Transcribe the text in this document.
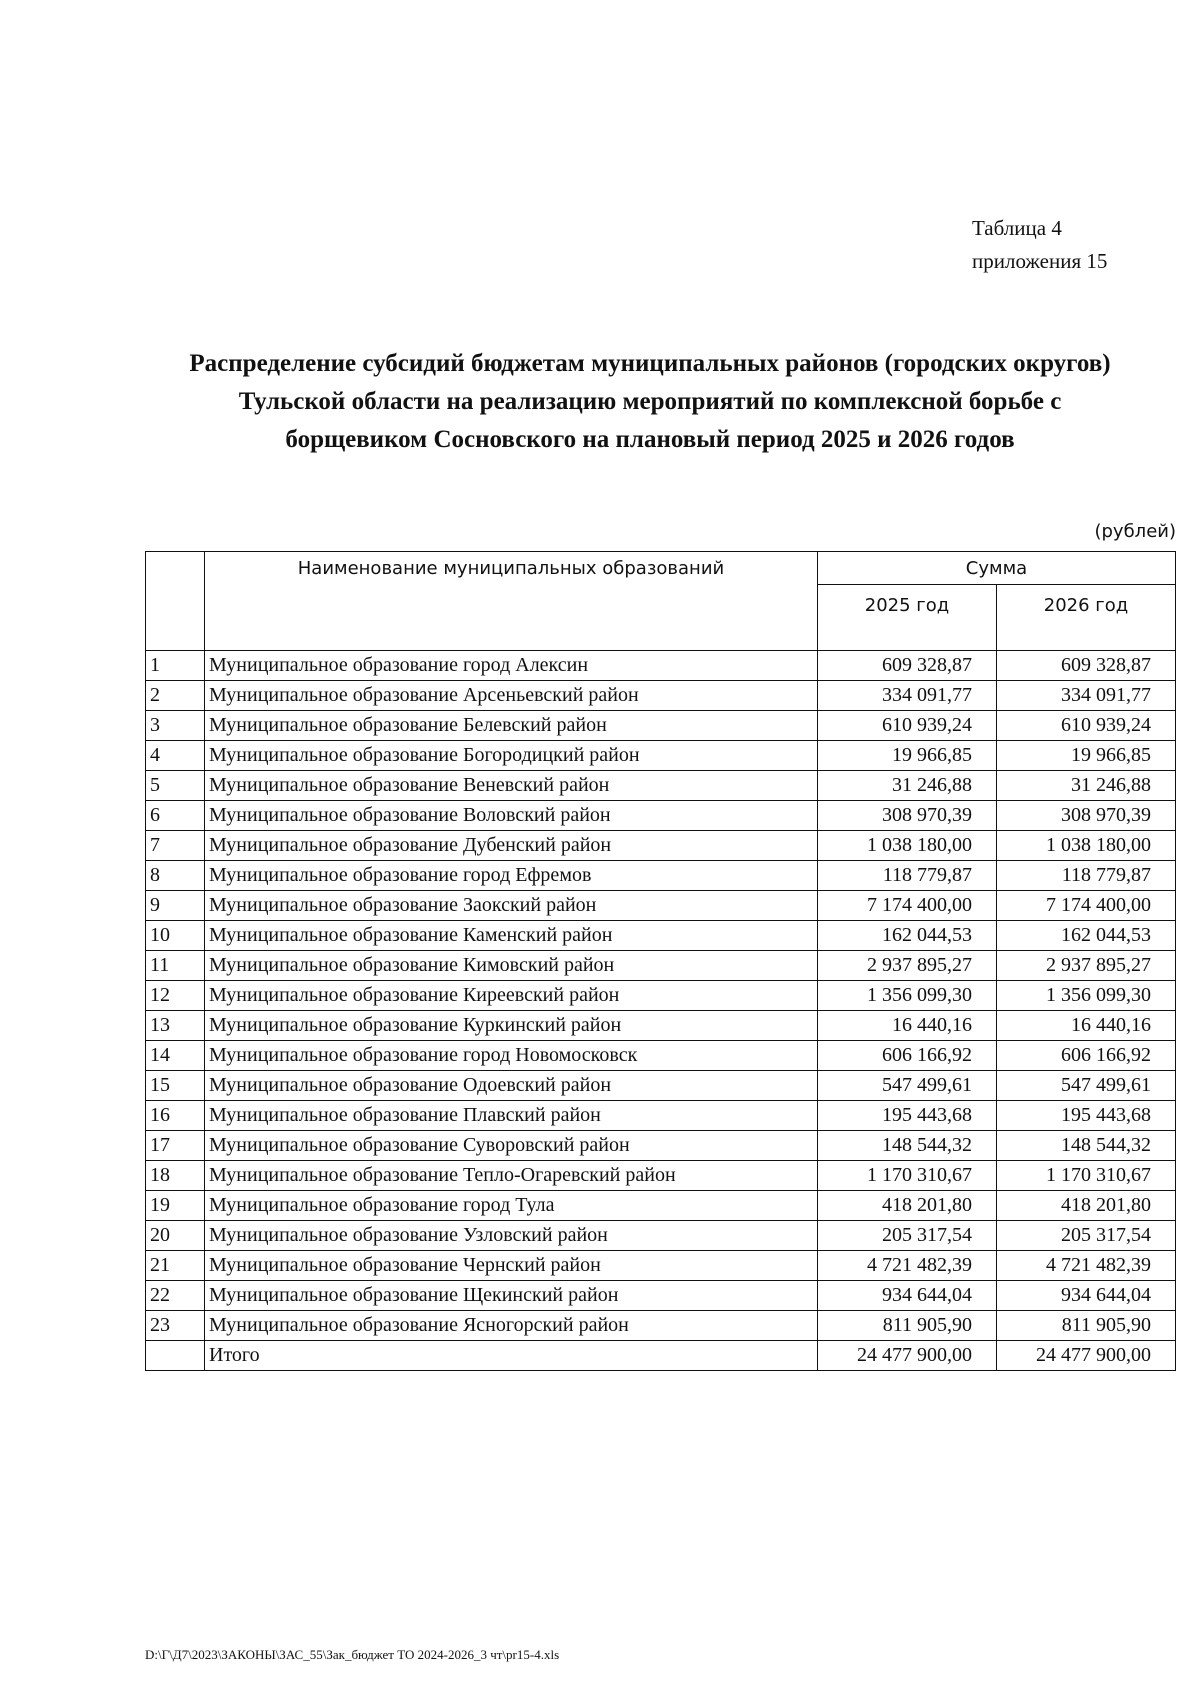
Таблица 4
приложения 15
Распределение субсидий бюджетам муниципальных районов (городских округов)
Тульской области на реализацию мероприятий по комплексной борьбе с
борщевиком Сосновского на плановый период 2025 и 2026 годов
(рублей)
	Наименование муниципальных образований	Сумма	
		2025 год	2026 год
1	Муниципальное образование город Алексин	609 328,87	609 328,87
2	Муниципальное образование Арсеньевский район	334 091,77	334 091,77
3	Муниципальное образование Белевский район	610 939,24	610 939,24
4	Муниципальное образование Богородицкий район	19 966,85	19 966,85
5	Муниципальное образование Веневский район	31 246,88	31 246,88
6	Муниципальное образование Воловский район	308 970,39	308 970,39
7	Муниципальное образование Дубенский район	1 038 180,00	1 038 180,00
8	Муниципальное образование город Ефремов	118 779,87	118 779,87
9	Муниципальное образование Заокский район	7 174 400,00	7 174 400,00
10	Муниципальное образование Каменский район	162 044,53	162 044,53
11	Муниципальное образование Кимовский район	2 937 895,27	2 937 895,27
12	Муниципальное образование Киреевский район	1 356 099,30	1 356 099,30
13	Муниципальное образование Куркинский район	16 440,16	16 440,16
14	Муниципальное образование город Новомосковск	606 166,92	606 166,92
15	Муниципальное образование Одоевский район	547 499,61	547 499,61
16	Муниципальное образование Плавский район	195 443,68	195 443,68
17	Муниципальное образование Суворовский район	148 544,32	148 544,32
18	Муниципальное образование Тепло-Огаревский район	1 170 310,67	1 170 310,67
19	Муниципальное образование город Тула	418 201,80	418 201,80
20	Муниципальное образование Узловский район	205 317,54	205 317,54
21	Муниципальное образование Чернский район	4 721 482,39	4 721 482,39
22	Муниципальное образование Щекинский район	934 644,04	934 644,04
23	Муниципальное образование Ясногорский район	811 905,90	811 905,90
	Итого	24 477 900,00	24 477 900,00
D:\Г\Д7\2023\ЗАКОНЫ\ЗАС_55\Зак_бюджет ТО 2024-2026_3 чт\pr15-4.xls
